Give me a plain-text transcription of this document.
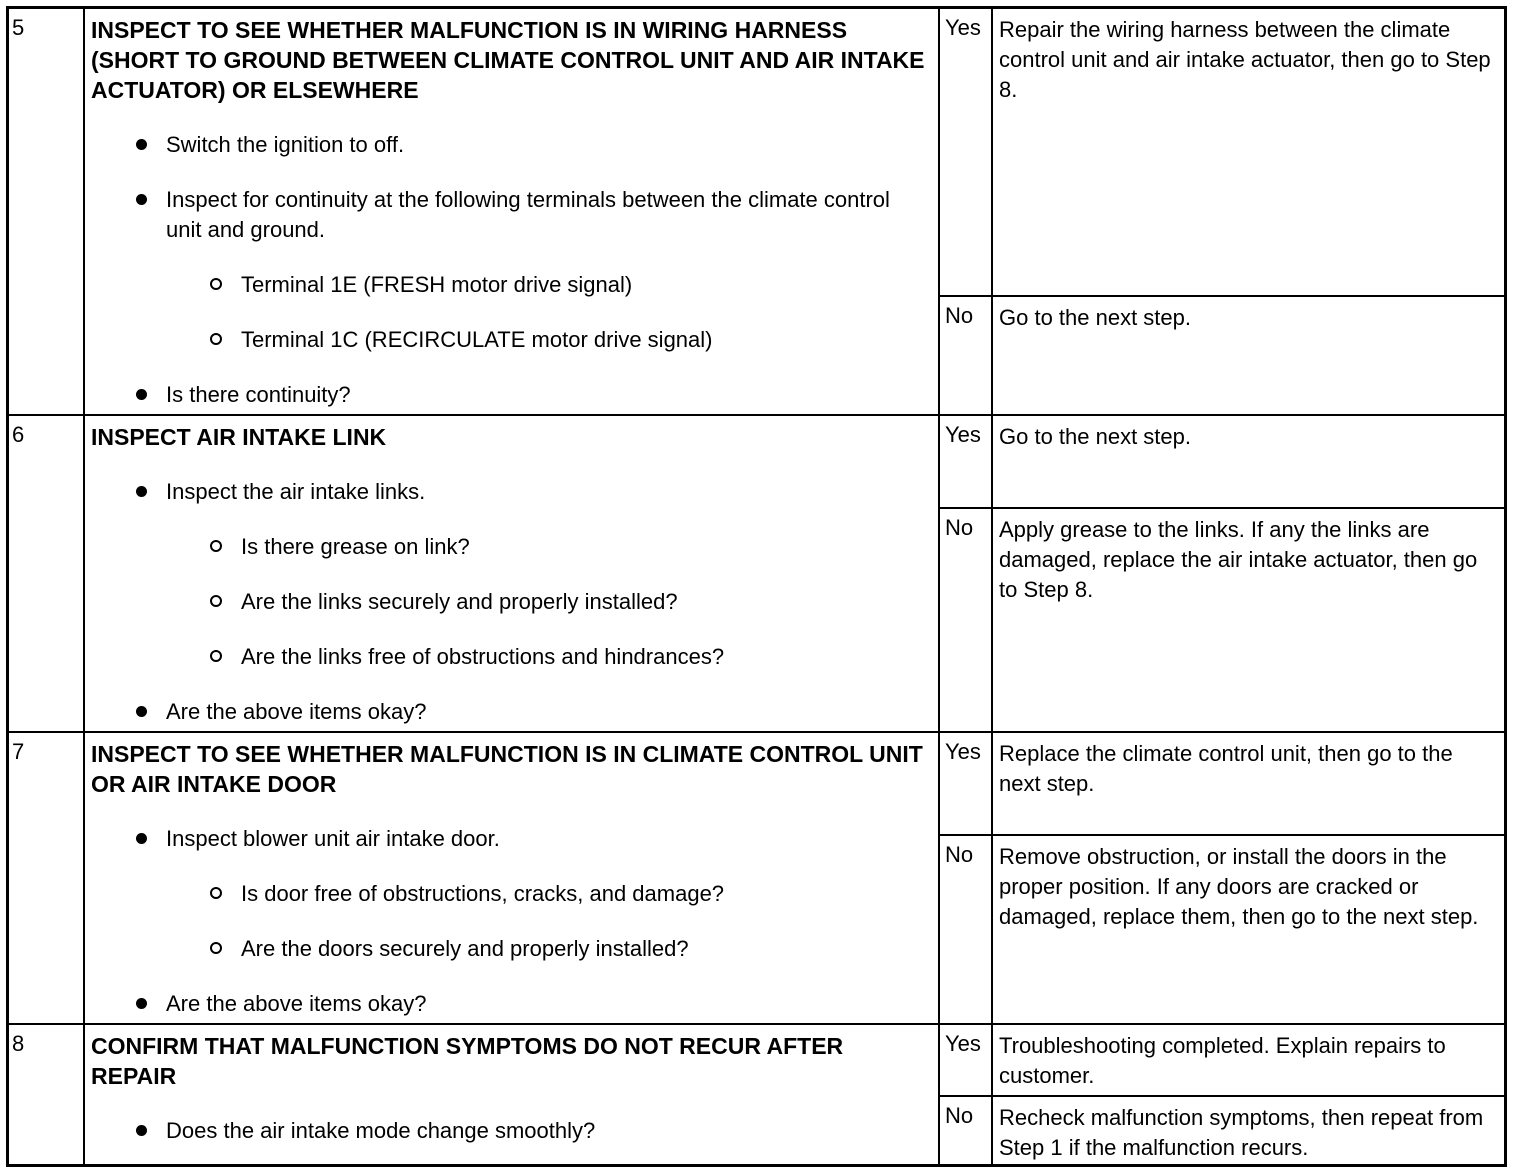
5	INSPECT TO SEE WHETHER MALFUNCTION IS IN WIRING HARNESS (SHORT TO GROUND BETWEEN CLIMATE CONTROL UNIT AND AIR INTAKE ACTUATOR) OR ELSEWHERE
Switch the ignition to off.
Inspect for continuity at the following terminals between the climate control unit and ground.
Terminal 1E (FRESH motor drive signal)
Terminal 1C (RECIRCULATE motor drive signal)
Is there continuity?
Yes Repair the wiring harness between the climate control unit and air intake actuator, then go to Step 8.
No Go to the next step.
6	INSPECT AIR INTAKE LINK
Inspect the air intake links.
Is there grease on link?
Are the links securely and properly installed?
Are the links free of obstructions and hindrances?
Are the above items okay?
Yes Go to the next step.
No Apply grease to the links. If any the links are damaged, replace the air intake actuator, then go to Step 8.
7	INSPECT TO SEE WHETHER MALFUNCTION IS IN CLIMATE CONTROL UNIT OR AIR INTAKE DOOR
Inspect blower unit air intake door.
Is door free of obstructions, cracks, and damage?
Are the doors securely and properly installed?
Are the above items okay?
Yes Replace the climate control unit, then go to the next step.
No Remove obstruction, or install the doors in the proper position. If any doors are cracked or damaged, replace them, then go to the next step.
8	CONFIRM THAT MALFUNCTION SYMPTOMS DO NOT RECUR AFTER REPAIR
Does the air intake mode change smoothly?
Yes Troubleshooting completed. Explain repairs to customer.
No Recheck malfunction symptoms, then repeat from Step 1 if the malfunction recurs.
